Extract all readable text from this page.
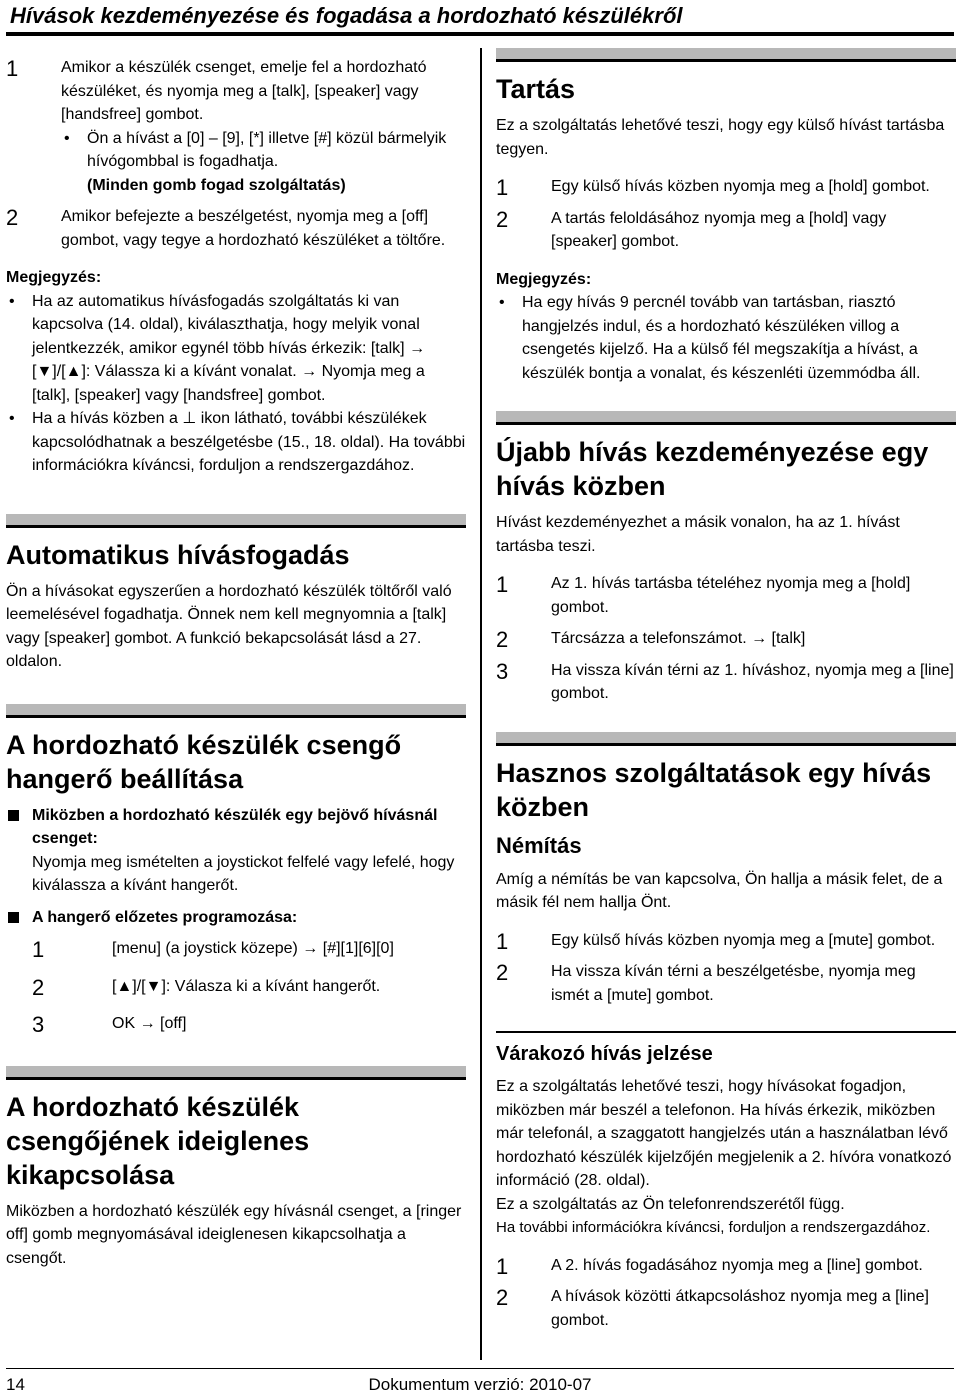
Hívások kezdeményezése és fogadása a hordozható készülékről
1	Amikor a készülék csenget, emelje fel a hordozható készüléket, és nyomja meg a [talk], [speaker] vagy [handsfree] gombot.
• Ön a hívást a [0] – [9], [*] illetve [#] közül bármelyik hívógombbal is fogadhatja.
(Minden gomb fogad szolgáltatás)
2	Amikor befejezte a beszélgetést, nyomja meg a [off] gombot, vagy tegye a hordozható készüléket a töltőre.
Megjegyzés:
• Ha az automatikus hívásfogadás szolgáltatás ki van kapcsolva (14. oldal), kiválaszthatja, hogy melyik vonal jelentkezzék, amikor egynél több hívás érkezik: [talk] → [▼]/[▲]: Válassza ki a kívánt vonalat. → Nyomja meg a [talk], [speaker] vagy [handsfree] gombot.
• Ha a hívás közben a ⊥ ikon látható, további készülékek kapcsolódhatnak a beszélgetésbe (15., 18. oldal). Ha további információkra kíváncsi, forduljon a rendszergazdához.
Automatikus hívásfogadás
Ön a hívásokat egyszerűen a hordozható készülék töltőről való leemelésével fogadhatja. Önnek nem kell megnyomnia a [talk] vagy [speaker] gombot. A funkció bekapcsolását lásd a 27. oldalon.
A hordozható készülék csengő hangerő beállítása
Miközben a hordozható készülék egy bejövő hívásnál csenget:
Nyomja meg ismételten a joystickot felfelé vagy lefelé, hogy kiválassza a kívánt hangerőt.
A hangerő előzetes programozása:
1	[menu] (a joystick közepe) → [#][1][6][0]
2	[▲]/[▼]: Válasza ki a kívánt hangerőt.
3	OK → [off]
A hordozható készülék csengőjének ideiglenes kikapcsolása
Miközben a hordozható készülék egy hívásnál csenget, a [ringer off] gomb megnyomásával ideiglenesen kikapcsolhatja a csengőt.
Tartás
Ez a szolgáltatás lehetővé teszi, hogy egy külső hívást tartásba tegyen.
1	Egy külső hívás közben nyomja meg a [hold] gombot.
2	A tartás feloldásához nyomja meg a [hold] vagy [speaker] gombot.
Megjegyzés:
• Ha egy hívás 9 percnél tovább van tartásban, riasztó hangjelzés indul, és a hordozható készüléken villog a csengetés kijelző. Ha a külső fél megszakítja a hívást, a készülék bontja a vonalat, és készenléti üzemmódba áll.
Újabb hívás kezdeményezése egy hívás közben
Hívást kezdeményezhet a másik vonalon, ha az 1. hívást tartásba teszi.
1	Az 1. hívás tartásba tételéhez nyomja meg a [hold] gombot.
2	Tárcsázza a telefonszámot. → [talk]
3	Ha vissza kíván térni az 1. híváshoz, nyomja meg a [line] gombot.
Hasznos szolgáltatások egy hívás közben
Némítás
Amíg a némítás be van kapcsolva, Ön hallja a másik felet, de a másik fél nem hallja Önt.
1	Egy külső hívás közben nyomja meg a [mute] gombot.
2	Ha vissza kíván térni a beszélgetésbe, nyomja meg ismét a [mute] gombot.
Várakozó hívás jelzése
Ez a szolgáltatás lehetővé teszi, hogy hívásokat fogadjon, miközben már beszél a telefonon. Ha hívás érkezik, miközben már telefonál, a szaggatott hangjelzés után a használatban lévő hordozható készülék kijelzőjén megjelenik a 2. hívóra vonatkozó információ (28. oldal).
Ez a szolgáltatás az Ön telefonrendszerétől függ.
Ha további információkra kíváncsi, forduljon a rendszergazdához.
1	A 2. hívás fogadásához nyomja meg a [line] gombot.
2	A hívások közötti átkapcsoláshoz nyomja meg a [line] gombot.
14	Dokumentum verzió: 2010-07
